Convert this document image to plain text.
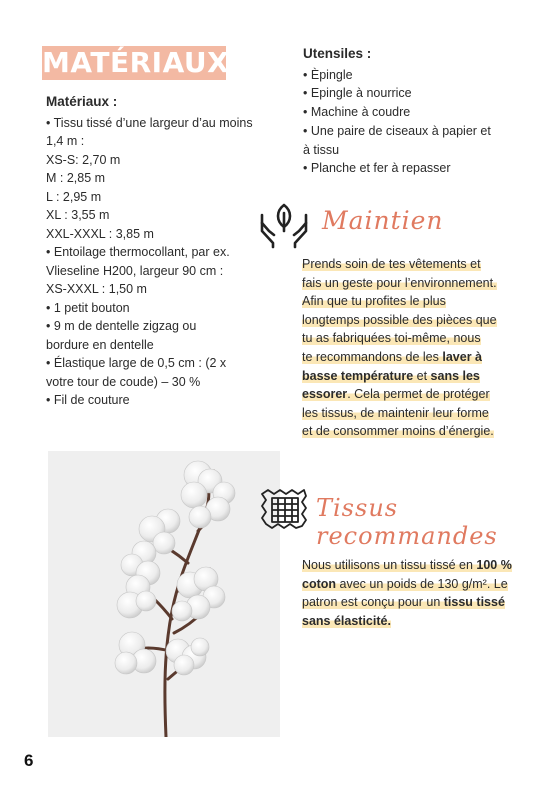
MATÉRIAUX
Matériaux :
• Tissu tissé d’une largeur d’au moins
1,4 m :
XS-S: 2,70 m
M : 2,85 m
L : 2,95 m
XL : 3,55 m
XXL-XXXL : 3,85 m
• Entoilage thermocollant, par ex.
Vlieseline H200, largeur 90 cm :
XS-XXXL : 1,50 m
• 1 petit bouton
• 9 m de dentelle zigzag ou
bordure en dentelle
• Élastique large de 0,5 cm : (2 x
votre tour de coude) – 30 %
• Fil de couture
Utensiles :
• Èpingle
• Epingle à nourrice
• Machine à coudre
• Une paire de ciseaux à papier et
à tissu
• Planche et fer à repasser
Maintien
Prends soin de tes vêtements et
fais un geste pour l’environnement.
Afin que tu profites le plus
longtemps possible des pièces que
tu as fabriquées toi-même, nous
te recommandons de les laver à
basse température et sans les
essorer. Cela permet de protéger
les tissus, de maintenir leur forme
et de consommer moins d’énergie.
Tissus recommandes
Nous utilisons un tissu tissé en 100 %
coton avec un poids de 130 g/m². Le
patron est conçu pour un tissu tissé
sans élasticité.
6
